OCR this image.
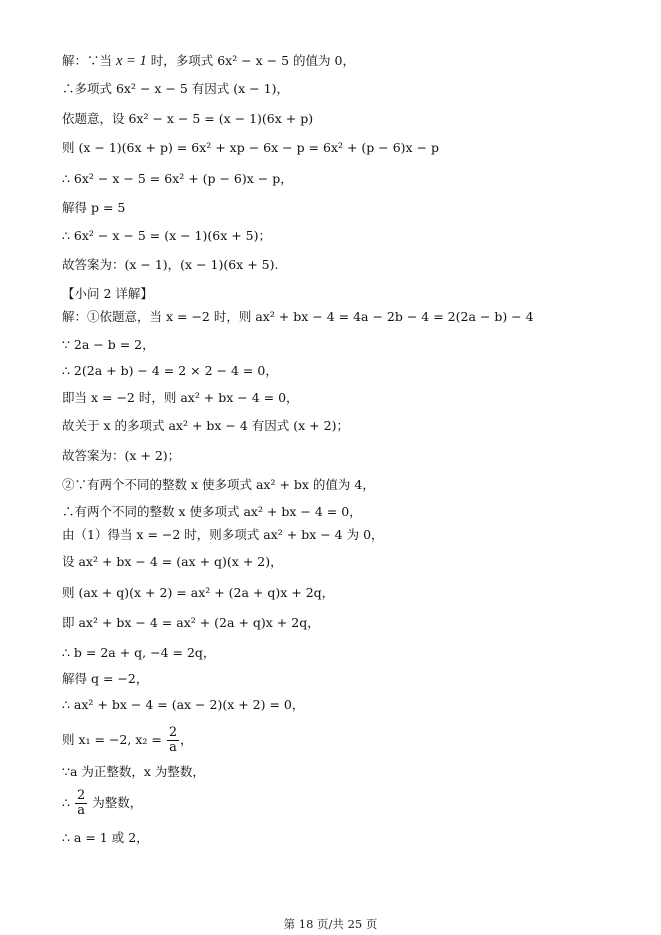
解：∵当 x = 1 时，多项式 6x² − x − 5 的值为 0，
∴多项式 6x² − x − 5 有因式 (x − 1)，
依题意，设 6x² − x − 5 = (x − 1)(6x + p)
则 (x − 1)(6x + p) = 6x² + xp − 6x − p = 6x² + (p − 6)x − p
∴ 6x² − x − 5 = 6x² + (p − 6)x − p，
解得 p = 5
∴ 6x² − x − 5 = (x − 1)(6x + 5)；
故答案为：(x − 1)，(x − 1)(6x + 5).
【小问 2 详解】
解：①依题意，当 x = −2 时，则 ax² + bx − 4 = 4a − 2b − 4 = 2(2a − b) − 4
∵ 2a − b = 2，
∴ 2(2a + b) − 4 = 2 × 2 − 4 = 0，
即当 x = −2 时，则 ax² + bx − 4 = 0，
故关于 x 的多项式 ax² + bx − 4 有因式 (x + 2)；
故答案为：(x + 2)；
②∵有两个不同的整数 x 使多项式 ax² + bx 的值为 4，
∴有两个不同的整数 x 使多项式 ax² + bx − 4 = 0，
由（1）得当 x = −2 时，则多项式 ax² + bx − 4 为 0，
设 ax² + bx − 4 = (ax + q)(x + 2)，
则 (ax + q)(x + 2) = ax² + (2a + q)x + 2q，
即 ax² + bx − 4 = ax² + (2a + q)x + 2q，
∴ b = 2a + q, −4 = 2q，
解得 q = −2，
∴ ax² + bx − 4 = (ax − 2)(x + 2) = 0，
则 x₁ = −2, $x_2 = \frac{2}{a}$ ，
∵a 为正整数，x 为整数，
∴ $\frac{2}{a}$ 为整数，
∴ a = 1 或 2，
第 18 页/共 25 页
